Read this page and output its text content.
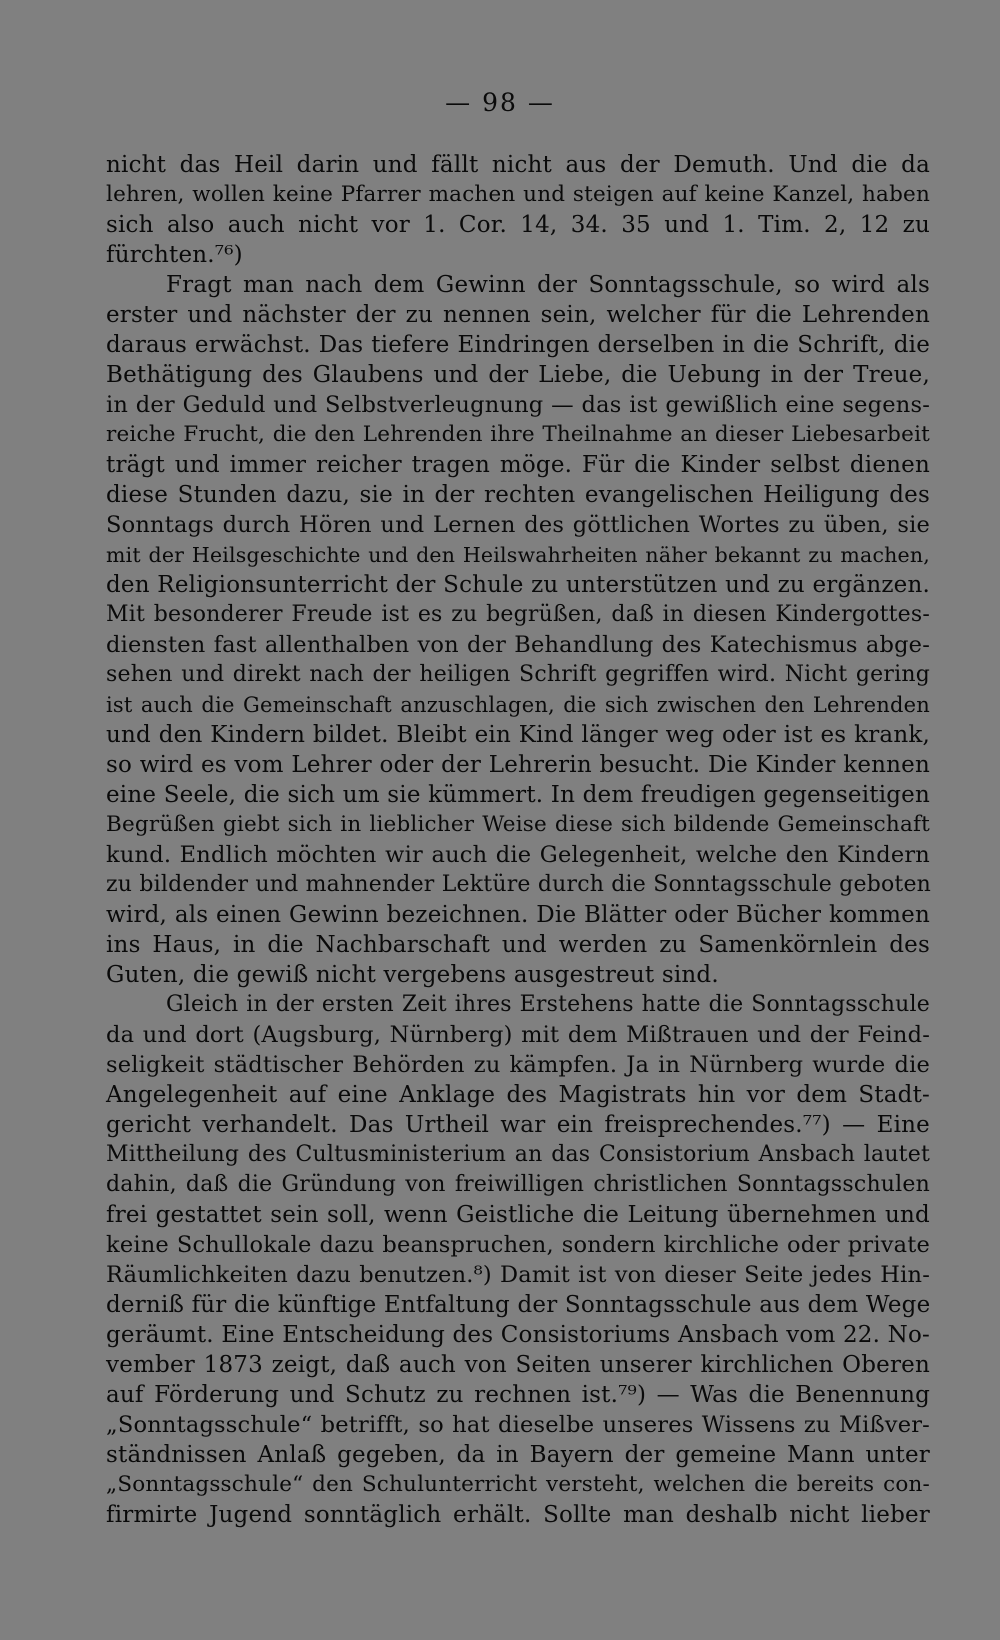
— 98 —
nicht das Heil darin und fällt nicht aus der Demuth. Und die da
lehren, wollen keine Pfarrer machen und steigen auf keine Kanzel, haben
sich also auch nicht vor 1. Cor. 14, 34. 35 und 1. Tim. 2, 12 zu
fürchten.⁷⁶)
Fragt man nach dem Gewinn der Sonntagsschule, so wird als
erster und nächster der zu nennen sein, welcher für die Lehrenden
daraus erwächst. Das tiefere Eindringen derselben in die Schrift, die
Bethätigung des Glaubens und der Liebe, die Uebung in der Treue,
in der Geduld und Selbstverleugnung — das ist gewißlich eine segens-
reiche Frucht, die den Lehrenden ihre Theilnahme an dieser Liebesarbeit
trägt und immer reicher tragen möge. Für die Kinder selbst dienen
diese Stunden dazu, sie in der rechten evangelischen Heiligung des
Sonntags durch Hören und Lernen des göttlichen Wortes zu üben, sie
mit der Heilsgeschichte und den Heilswahrheiten näher bekannt zu machen,
den Religionsunterricht der Schule zu unterstützen und zu ergänzen.
Mit besonderer Freude ist es zu begrüßen, daß in diesen Kindergottes-
diensten fast allenthalben von der Behandlung des Katechismus abge-
sehen und direkt nach der heiligen Schrift gegriffen wird. Nicht gering
ist auch die Gemeinschaft anzuschlagen, die sich zwischen den Lehrenden
und den Kindern bildet. Bleibt ein Kind länger weg oder ist es krank,
so wird es vom Lehrer oder der Lehrerin besucht. Die Kinder kennen
eine Seele, die sich um sie kümmert. In dem freudigen gegenseitigen
Begrüßen giebt sich in lieblicher Weise diese sich bildende Gemeinschaft
kund. Endlich möchten wir auch die Gelegenheit, welche den Kindern
zu bildender und mahnender Lektüre durch die Sonntagsschule geboten
wird, als einen Gewinn bezeichnen. Die Blätter oder Bücher kommen
ins Haus, in die Nachbarschaft und werden zu Samenkörnlein des
Guten, die gewiß nicht vergebens ausgestreut sind.
Gleich in der ersten Zeit ihres Erstehens hatte die Sonntagsschule
da und dort (Augsburg, Nürnberg) mit dem Mißtrauen und der Feind-
seligkeit städtischer Behörden zu kämpfen. Ja in Nürnberg wurde die
Angelegenheit auf eine Anklage des Magistrats hin vor dem Stadt-
gericht verhandelt. Das Urtheil war ein freisprechendes.⁷⁷) — Eine
Mittheilung des Cultusministerium an das Consistorium Ansbach lautet
dahin, daß die Gründung von freiwilligen christlichen Sonntagsschulen
frei gestattet sein soll, wenn Geistliche die Leitung übernehmen und
keine Schullokale dazu beanspruchen, sondern kirchliche oder private
Räumlichkeiten dazu benutzen.⁸) Damit ist von dieser Seite jedes Hin-
derniß für die künftige Entfaltung der Sonntagsschule aus dem Wege
geräumt. Eine Entscheidung des Consistoriums Ansbach vom 22. No-
vember 1873 zeigt, daß auch von Seiten unserer kirchlichen Oberen
auf Förderung und Schutz zu rechnen ist.⁷⁹) — Was die Benennung
„Sonntagsschule“ betrifft, so hat dieselbe unseres Wissens zu Mißver-
ständnissen Anlaß gegeben, da in Bayern der gemeine Mann unter
„Sonntagsschule“ den Schulunterricht versteht, welchen die bereits con-
firmirte Jugend sonntäglich erhält. Sollte man deshalb nicht lieber
